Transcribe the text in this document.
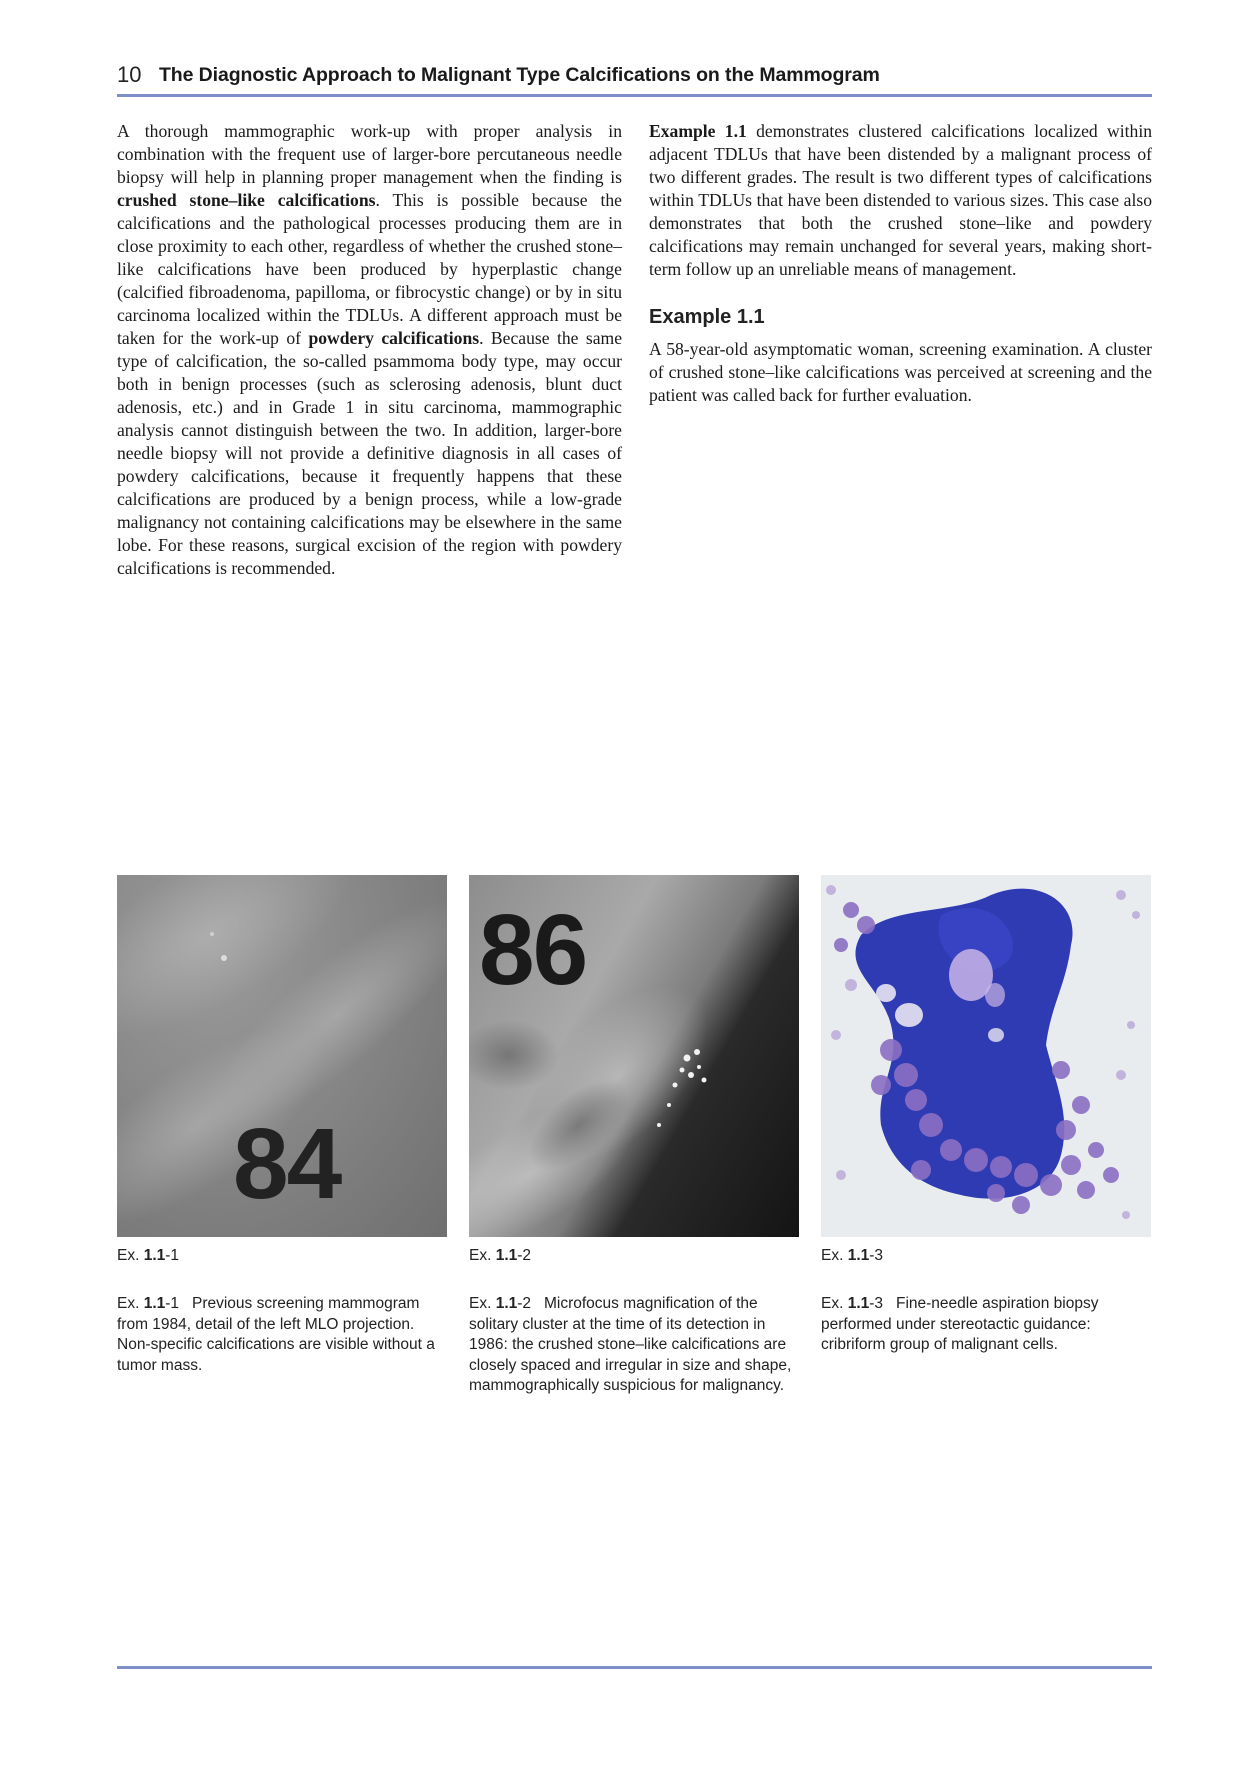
10 The Diagnostic Approach to Malignant Type Calcifications on the Mammogram

A thorough mammographic work-up with proper analysis in combination with the frequent use of larger-bore percutaneous needle biopsy will help in planning proper management when the finding is crushed stone–like calcifications. This is possible because the calcifications and the pathological processes producing them are in close proximity to each other, regardless of whether the crushed stone–like calcifications have been produced by hyperplastic change (calcified fibroadenoma, papilloma, or fibrocystic change) or by in situ carcinoma localized within the TDLUs. A different approach must be taken for the work-up of powdery calcifications. Because the same type of calcification, the so-called psammoma body type, may occur both in benign processes (such as sclerosing adenosis, blunt duct adenosis, etc.) and in Grade 1 in situ carcinoma, mammographic analysis cannot distinguish between the two. In addition, larger-bore needle biopsy will not provide a definitive diagnosis in all cases of powdery calcifications, because it frequently happens that these calcifications are produced by a benign process, while a low-grade malignancy not containing calcifications may be elsewhere in the same lobe. For these reasons, surgical excision of the region with powdery calcifications is recommended.

Example 1.1 demonstrates clustered calcifications localized within adjacent TDLUs that have been distended by a malignant process of two different grades. The result is two different types of calcifications within TDLUs that have been distended to various sizes. This case also demonstrates that both the crushed stone–like and powdery calcifications may remain unchanged for several years, making short-term follow up an unreliable means of management.

Example 1.1

A 58-year-old asymptomatic woman, screening examination. A cluster of crushed stone–like calcifications was perceived at screening and the patient was called back for further evaluation.

84
86
Ex. 1.1-1	Ex. 1.1-2	Ex. 1.1-3
Ex. 1.1-1 Previous screening mammogram from 1984, detail of the left MLO projection. Non-specific calcifications are visible without a tumor mass.
Ex. 1.1-2 Microfocus magnification of the solitary cluster at the time of its detection in 1986: the crushed stone–like calcifications are closely spaced and irregular in size and shape, mammographically suspicious for malignancy.
Ex. 1.1-3 Fine-needle aspiration biopsy performed under stereotactic guidance: cribriform group of malignant cells.
